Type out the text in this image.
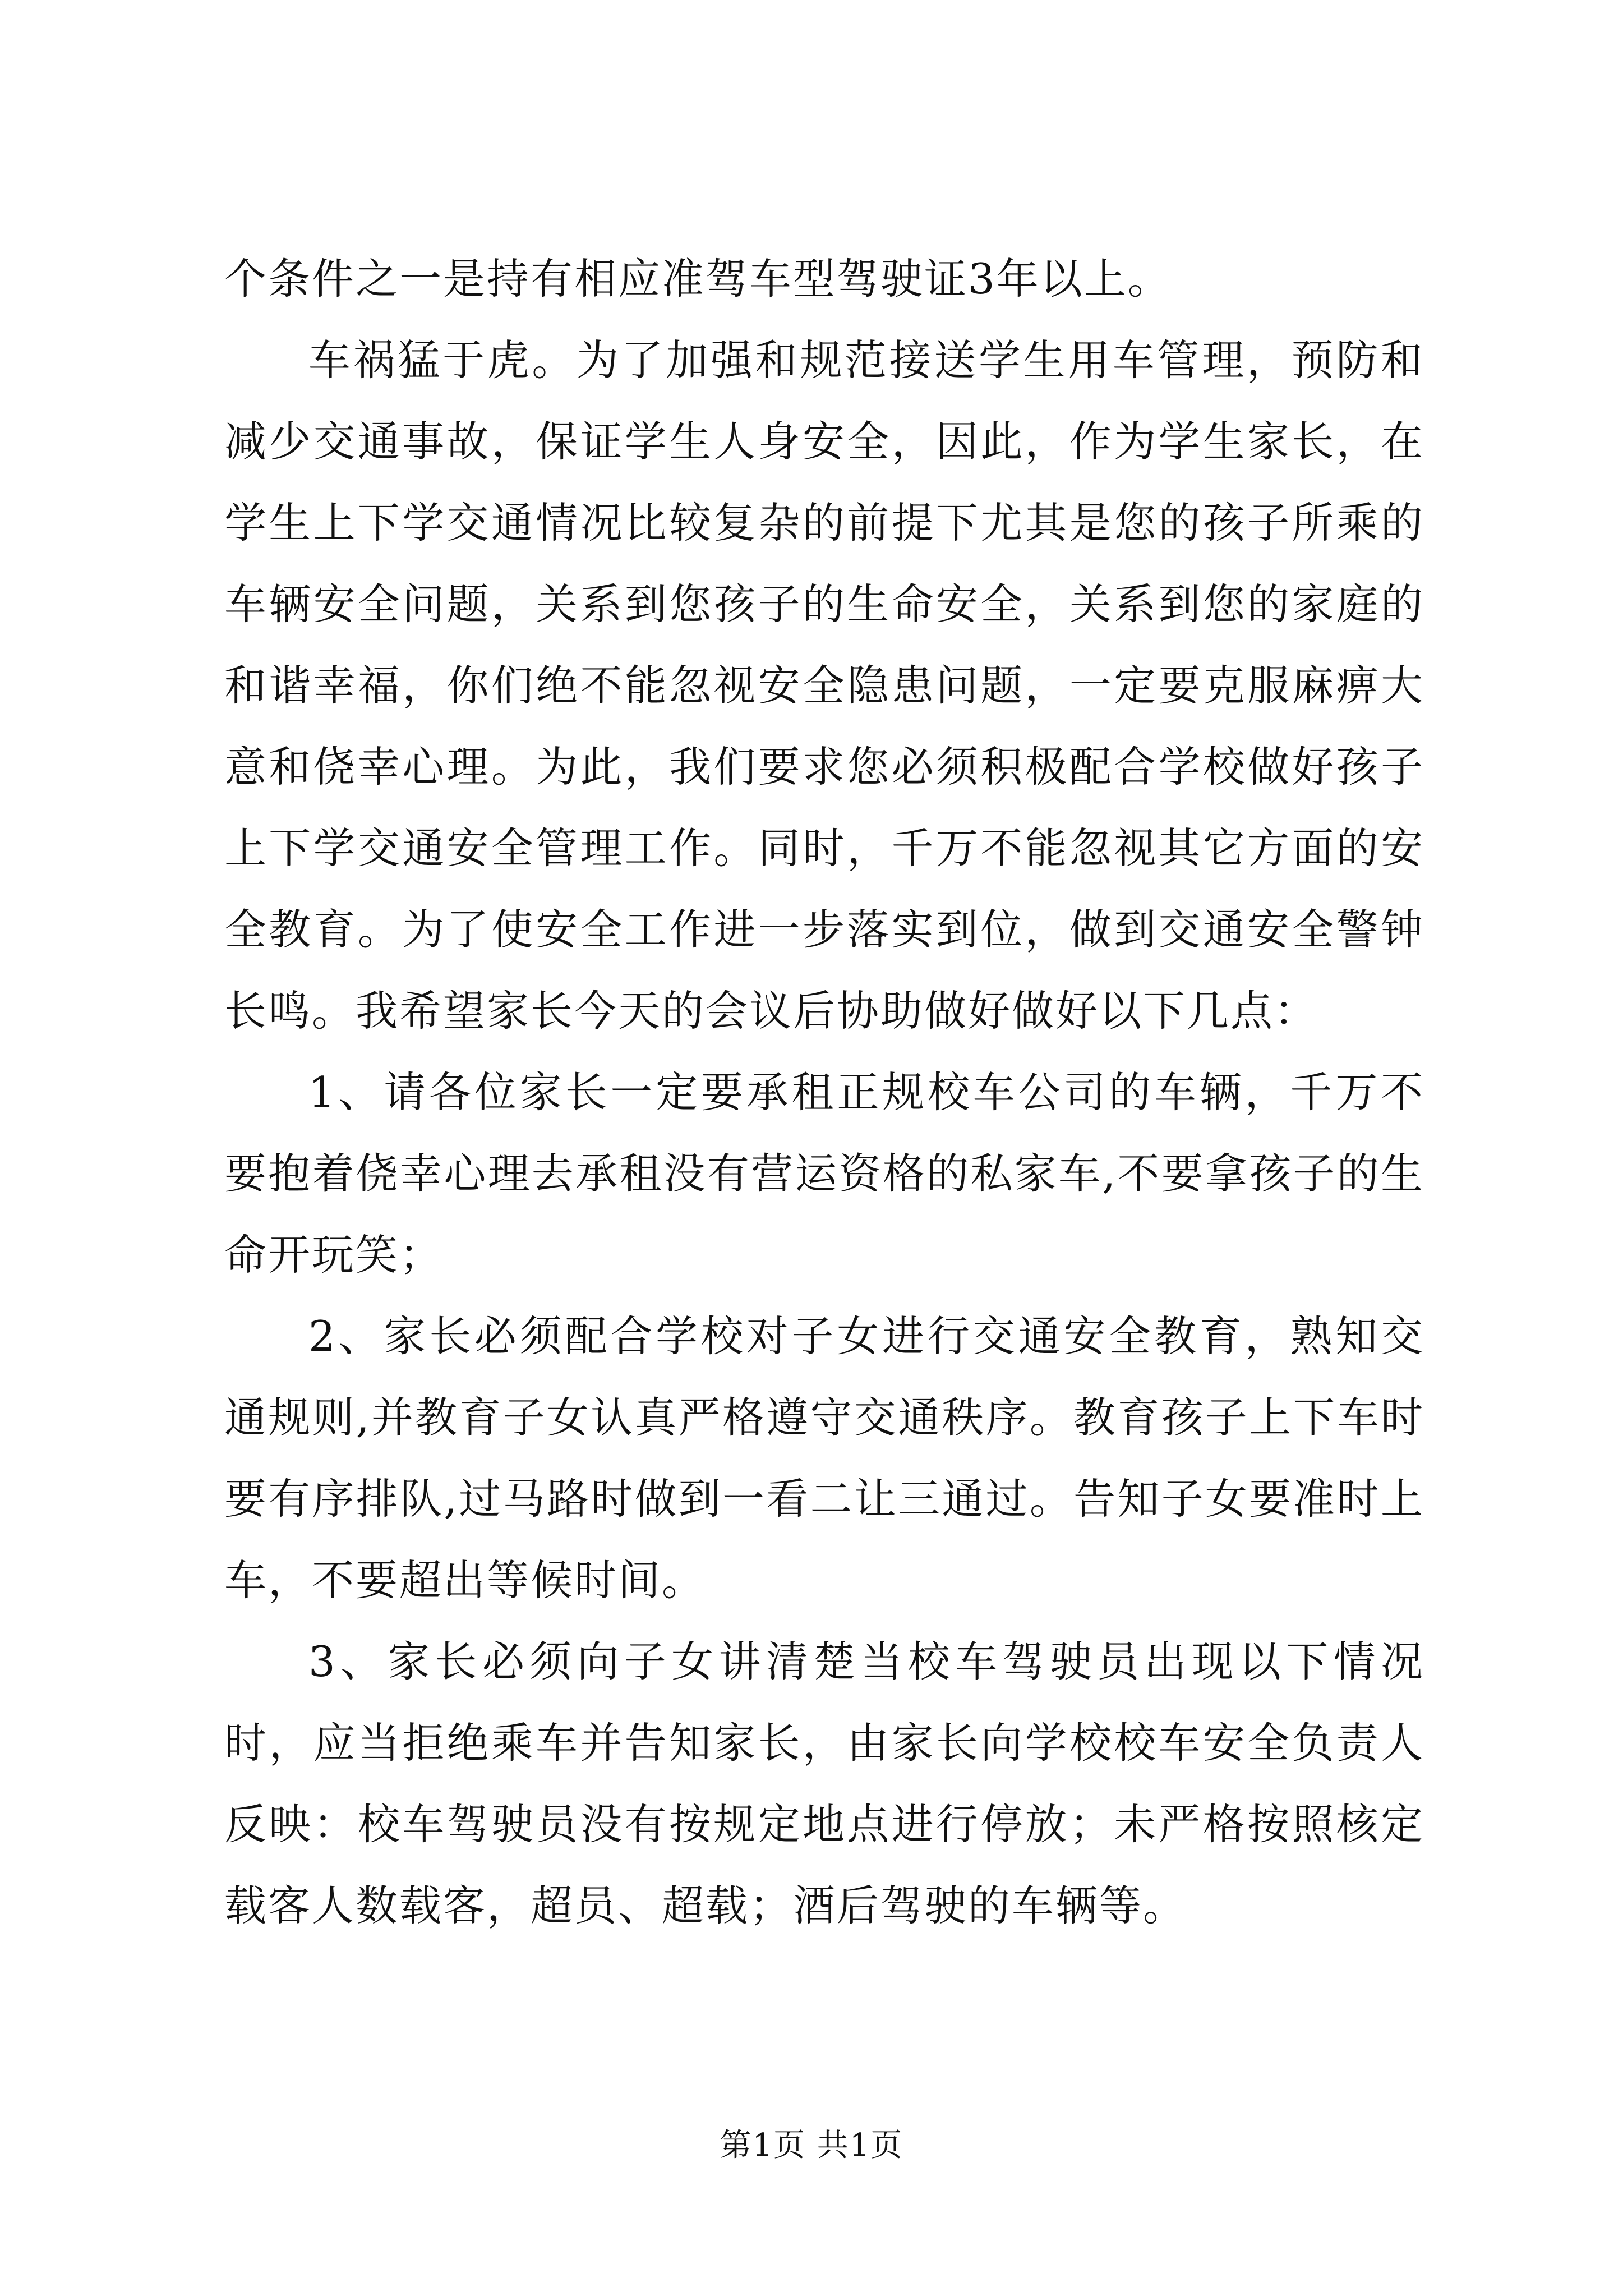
个条件之一是持有相应准驾车型驾驶证3年以上。

车祸猛于虎。为了加强和规范接送学生用车管理，预防和减少交通事故，保证学生人身安全，因此，作为学生家长，在学生上下学交通情况比较复杂的前提下尤其是您的孩子所乘的车辆安全问题，关系到您孩子的生命安全，关系到您的家庭的和谐幸福，你们绝不能忽视安全隐患问题，一定要克服麻痹大意和侥幸心理。为此，我们要求您必须积极配合学校做好孩子上下学交通安全管理工作。同时，千万不能忽视其它方面的安全教育。为了使安全工作进一步落实到位，做到交通安全警钟长鸣。我希望家长今天的会议后协助做好做好以下几点：

1、请各位家长一定要承租正规校车公司的车辆，千万不要抱着侥幸心理去承租没有营运资格的私家车,不要拿孩子的生命开玩笑；

2、家长必须配合学校对子女进行交通安全教育，熟知交通规则,并教育子女认真严格遵守交通秩序。教育孩子上下车时要有序排队,过马路时做到一看二让三通过。告知子女要准时上车，不要超出等候时间。

3、家长必须向子女讲清楚当校车驾驶员出现以下情况时，应当拒绝乘车并告知家长，由家长向学校校车安全负责人反映：校车驾驶员没有按规定地点进行停放；未严格按照核定载客人数载客，超员、超载；酒后驾驶的车辆等。

第1页 共1页
